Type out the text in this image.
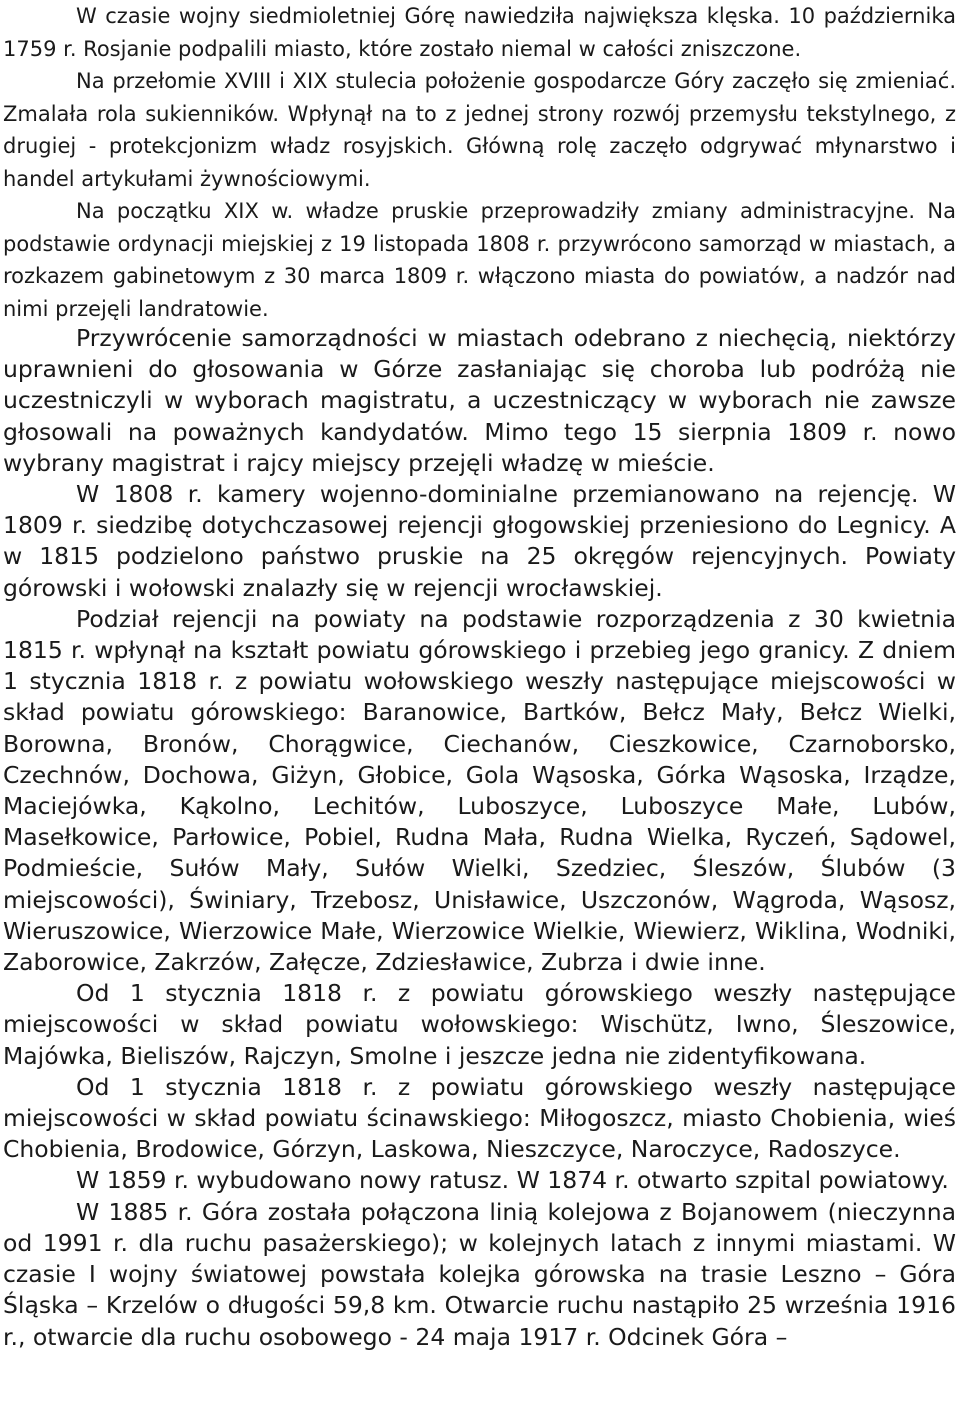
W czasie wojny siedmioletniej Górę nawiedziła największa klęska. 10 października 1759 r. Rosjanie podpalili miasto, które zostało niemal w całości zniszczone.

Na przełomie XVIII i XIX stulecia położenie gospodarcze Góry zaczęło się zmieniać. Zmalała rola sukienników. Wpłynął na to z jednej strony rozwój przemysłu tekstylnego, z drugiej - protekcjonizm władz rosyjskich. Główną rolę zaczęło odgrywać młynarstwo i handel artykułami żywnościowymi.

Na początku XIX w. władze pruskie przeprowadziły zmiany administracyjne. Na podstawie ordynacji miejskiej z 19 listopada 1808 r. przywrócono samorząd w miastach, a rozkazem gabinetowym z 30 marca 1809 r. włączono miasta do powiatów, a nadzór nad nimi przejęli landratowie.

Przywrócenie samorządności w miastach odebrano z niechęcią, niektórzy uprawnieni do głosowania w Górze zasłaniając się choroba lub podróżą nie uczestniczyli w wyborach magistratu, a uczestniczący w wyborach nie zawsze głosowali na poważnych kandydatów. Mimo tego 15 sierpnia 1809 r. nowo wybrany magistrat i rajcy miejscy przejęli władzę w mieście.

W 1808 r. kamery wojenno-dominialne przemianowano na rejencję. W 1809 r. siedzibę dotychczasowej rejencji głogowskiej przeniesiono do Legnicy. A w 1815 podzielono państwo pruskie na 25 okręgów rejencyjnych. Powiaty górowski i wołowski znalazły się w rejencji wrocławskiej.

Podział rejencji na powiaty na podstawie rozporządzenia z 30 kwietnia 1815 r. wpłynął na kształt powiatu górowskiego i przebieg jego granicy. Z dniem 1 stycznia 1818 r. z powiatu wołowskiego weszły następujące miejscowości w skład powiatu górowskiego: Baranowice, Bartków, Bełcz Mały, Bełcz Wielki, Borowna, Bronów, Chorągwice, Ciechanów, Cieszkowice, Czarnoborsko, Czechnów, Dochowa, Giżyn, Głobice, Gola Wąsoska, Górka Wąsoska, Irządze, Maciejówka, Kąkolno, Lechitów, Luboszyce, Luboszyce Małe, Lubów, Masełkowice, Parłowice, Pobiel, Rudna Mała, Rudna Wielka, Ryczeń, Sądowel, Podmieście, Sułów Mały, Sułów Wielki, Szedziec, Śleszów, Ślubów (3 miejscowości), Świniary, Trzebosz, Unisławice, Uszczonów, Wągroda, Wąsosz, Wieruszowice, Wierzowice Małe, Wierzowice Wielkie, Wiewierz, Wiklina, Wodniki, Zaborowice, Zakrzów, Załęcze, Zdziesławice, Zubrza i dwie inne.

Od 1 stycznia 1818 r. z powiatu górowskiego weszły następujące miejscowości w skład powiatu wołowskiego: Wischütz, Iwno, Śleszowice, Majówka, Bieliszów, Rajczyn, Smolne i jeszcze jedna nie zidentyfikowana.

Od 1 stycznia 1818 r. z powiatu górowskiego weszły następujące miejscowości w skład powiatu ścinawskiego: Miłogoszcz, miasto Chobienia, wieś Chobienia, Brodowice, Górzyn, Laskowa, Nieszczyce, Naroczyce, Radoszyce.

W 1859 r. wybudowano nowy ratusz. W 1874 r. otwarto szpital powiatowy.

W 1885 r. Góra została połączona linią kolejowa z Bojanowem (nieczynna od 1991 r. dla ruchu pasażerskiego); w kolejnych latach z innymi miastami. W czasie I wojny światowej powstała kolejka górowska na trasie Leszno – Góra Śląska – Krzelów o długości 59,8 km. Otwarcie ruchu nastąpiło 25 września 1916 r., otwarcie dla ruchu osobowego - 24 maja 1917 r. Odcinek Góra –
